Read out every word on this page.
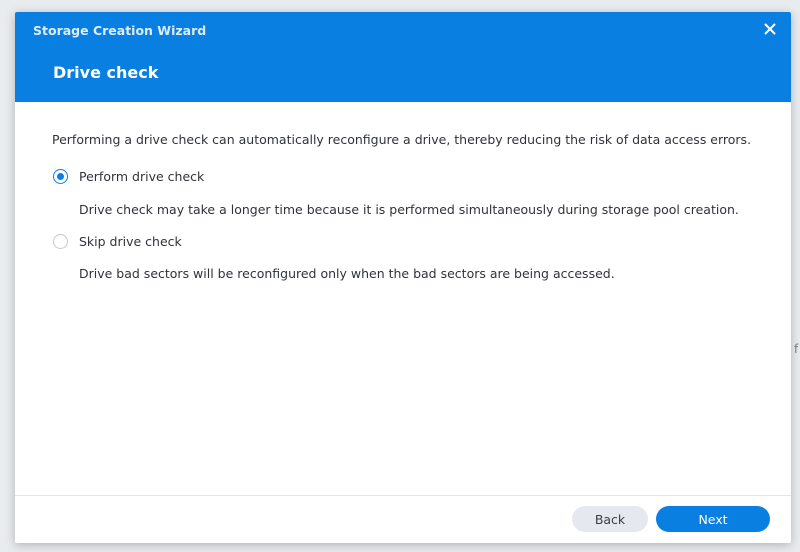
f
Storage Creation Wizard
Drive check
Performing a drive check can automatically reconfigure a drive, thereby reducing the risk of data access errors.
Perform drive check
Drive check may take a longer time because it is performed simultaneously during storage pool creation.
Skip drive check
Drive bad sectors will be reconfigured only when the bad sectors are being accessed.
Back	Next
